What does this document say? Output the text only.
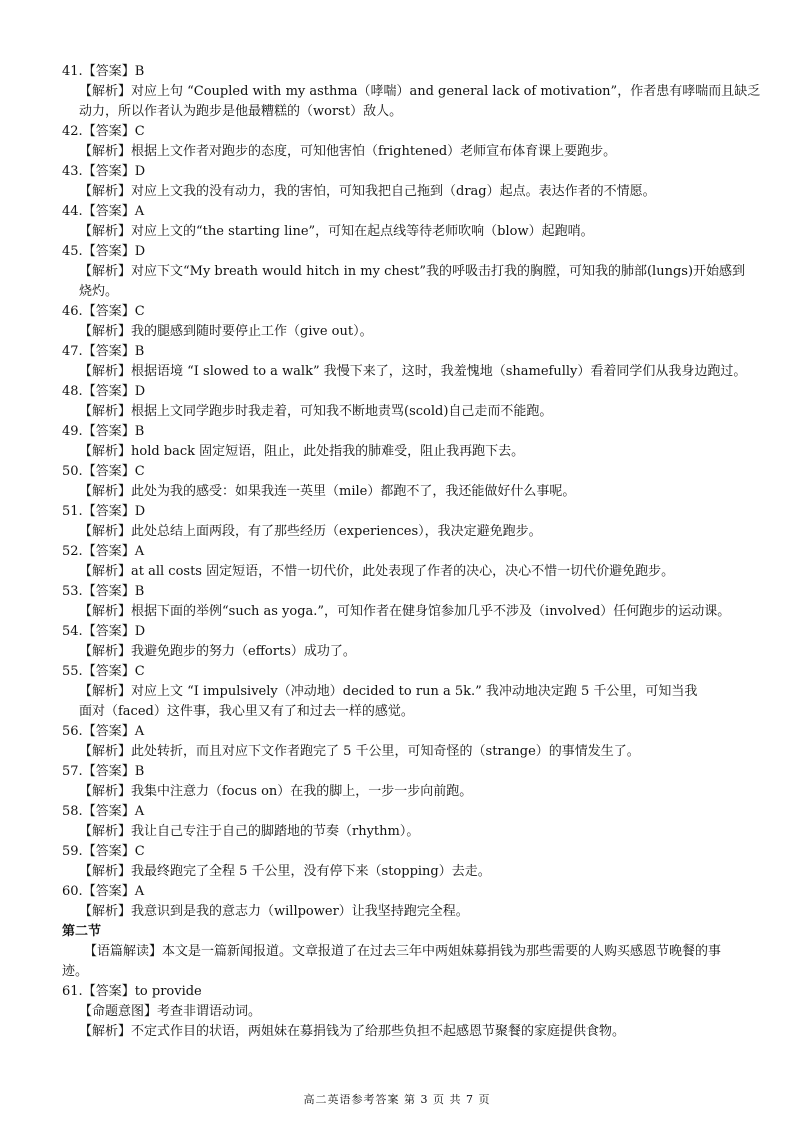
41.【答案】B
【解析】对应上句 “Coupled with my asthma（哮喘）and general lack of motivation”，作者患有哮喘而且缺乏
动力，所以作者认为跑步是他最糟糕的（worst）敌人。
42.【答案】C
【解析】根据上文作者对跑步的态度，可知他害怕（frightened）老师宣布体育课上要跑步。
43.【答案】D
【解析】对应上文我的没有动力，我的害怕，可知我把自己拖到（drag）起点。表达作者的不情愿。
44.【答案】A
【解析】对应上文的“the starting line”，可知在起点线等待老师吹响（blow）起跑哨。
45.【答案】D
【解析】对应下文“My breath would hitch in my chest”我的呼吸击打我的胸膛，可知我的肺部(lungs)开始感到
烧灼。
46.【答案】C
【解析】我的腿感到随时要停止工作（give out）。
47.【答案】B
【解析】根据语境 “I slowed to a walk” 我慢下来了，这时，我羞愧地（shamefully）看着同学们从我身边跑过。
48.【答案】D
【解析】根据上文同学跑步时我走着，可知我不断地责骂(scold)自己走而不能跑。
49.【答案】B
【解析】hold back 固定短语，阻止，此处指我的肺难受，阻止我再跑下去。
50.【答案】C
【解析】此处为我的感受：如果我连一英里（mile）都跑不了，我还能做好什么事呢。
51.【答案】D
【解析】此处总结上面两段，有了那些经历（experiences），我决定避免跑步。
52.【答案】A
【解析】at all costs 固定短语，不惜一切代价，此处表现了作者的决心，决心不惜一切代价避免跑步。
53.【答案】B
【解析】根据下面的举例“such as yoga.”，可知作者在健身馆参加几乎不涉及（involved）任何跑步的运动课。
54.【答案】D
【解析】我避免跑步的努力（efforts）成功了。
55.【答案】C
【解析】对应上文 “I impulsively（冲动地）decided to run a 5k.” 我冲动地决定跑 5 千公里，可知当我
面对（faced）这件事，我心里又有了和过去一样的感觉。
56.【答案】A
【解析】此处转折，而且对应下文作者跑完了 5 千公里，可知奇怪的（strange）的事情发生了。
57.【答案】B
【解析】我集中注意力（focus on）在我的脚上，一步一步向前跑。
58.【答案】A
【解析】我让自己专注于自己的脚踏地的节奏（rhythm）。
59.【答案】C
【解析】我最终跑完了全程 5 千公里，没有停下来（stopping）去走。
60.【答案】A
【解析】我意识到是我的意志力（willpower）让我坚持跑完全程。
第二节

【语篇解读】本文是一篇新闻报道。文章报道了在过去三年中两姐妹募捐钱为那些需要的人购买感恩节晚餐的事迹。

61.【答案】to provide
【命题意图】考查非谓语动词。
【解析】不定式作目的状语，两姐妹在募捐钱为了给那些负担不起感恩节聚餐的家庭提供食物。
高二英语参考答案 第 3 页 共 7 页
